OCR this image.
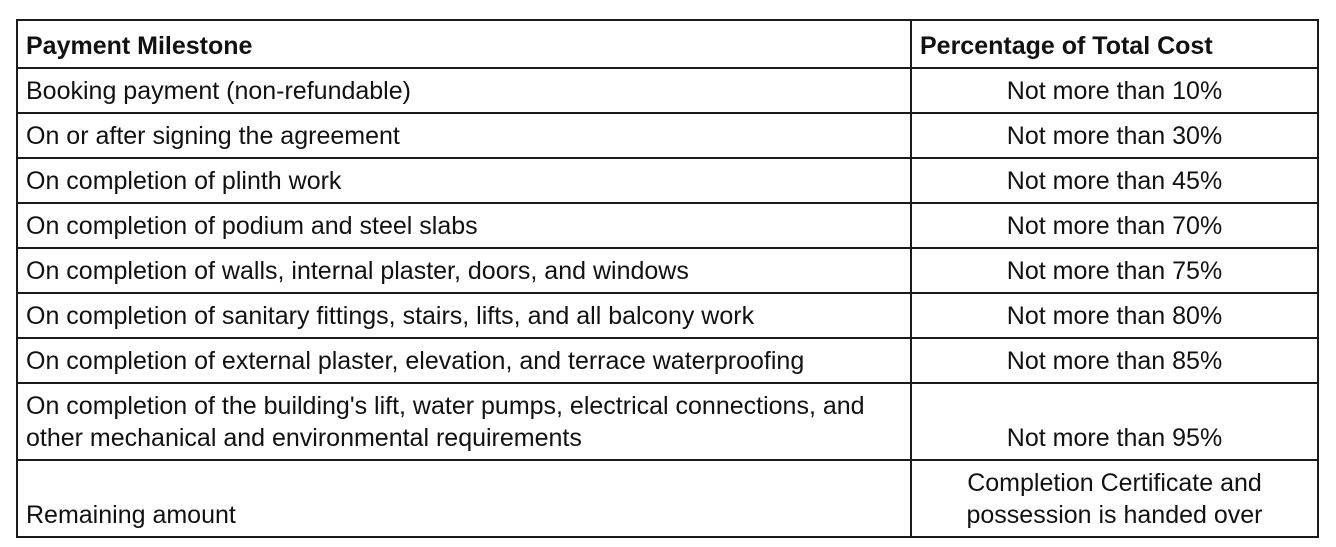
Payment Milestone	Percentage of Total Cost
Booking payment (non-refundable)	Not more than 10%
On or after signing the agreement	Not more than 30%
On completion of plinth work	Not more than 45%
On completion of podium and steel slabs	Not more than 70%
On completion of walls, internal plaster, doors, and windows	Not more than 75%
On completion of sanitary fittings, stairs, lifts, and all balcony work	Not more than 80%
On completion of external plaster, elevation, and terrace waterproofing	Not more than 85%
On completion of the building's lift, water pumps, electrical connections, and other mechanical and environmental requirements	Not more than 95%
Remaining amount	Completion Certificate and possession is handed over
